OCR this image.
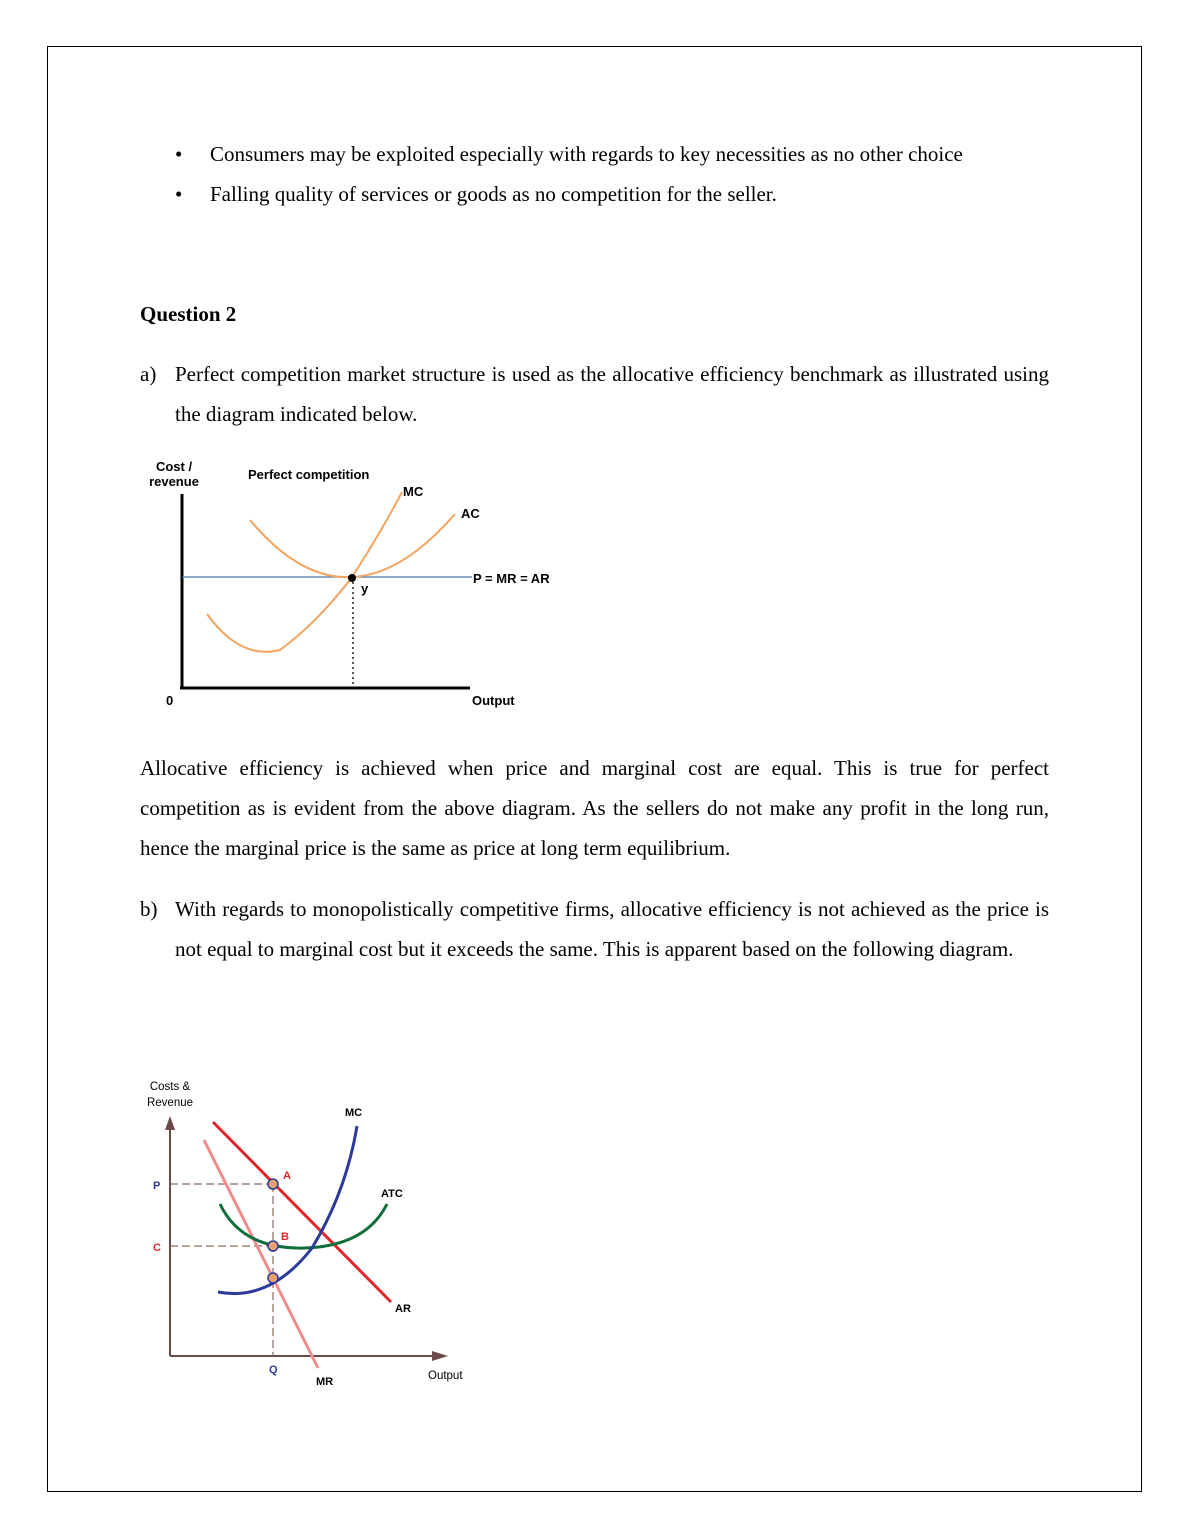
• Consumers may be exploited especially with regards to key necessities as no other choice
• Falling quality of services or goods as no competition for the seller.
Question 2
a) Perfect competition market structure is used as the allocative efficiency benchmark as illustrated using the diagram indicated below.
Cost /
revenue	Perfect competition
y
MC
AC
P = MR = AR
0	Output
Allocative efficiency is achieved when price and marginal cost are equal. This is true for perfect competition as is evident from the above diagram. As the sellers do not make any profit in the long run, hence the marginal price is the same as price at long term equilibrium.
b) With regards to monopolistically competitive firms, allocative efficiency is not achieved as the price is not equal to marginal cost but it exceeds the same. This is apparent based on the following diagram.
Costs &
Revenue
A
B
P
C
Q
MC
ATC
AR
MR	Output
